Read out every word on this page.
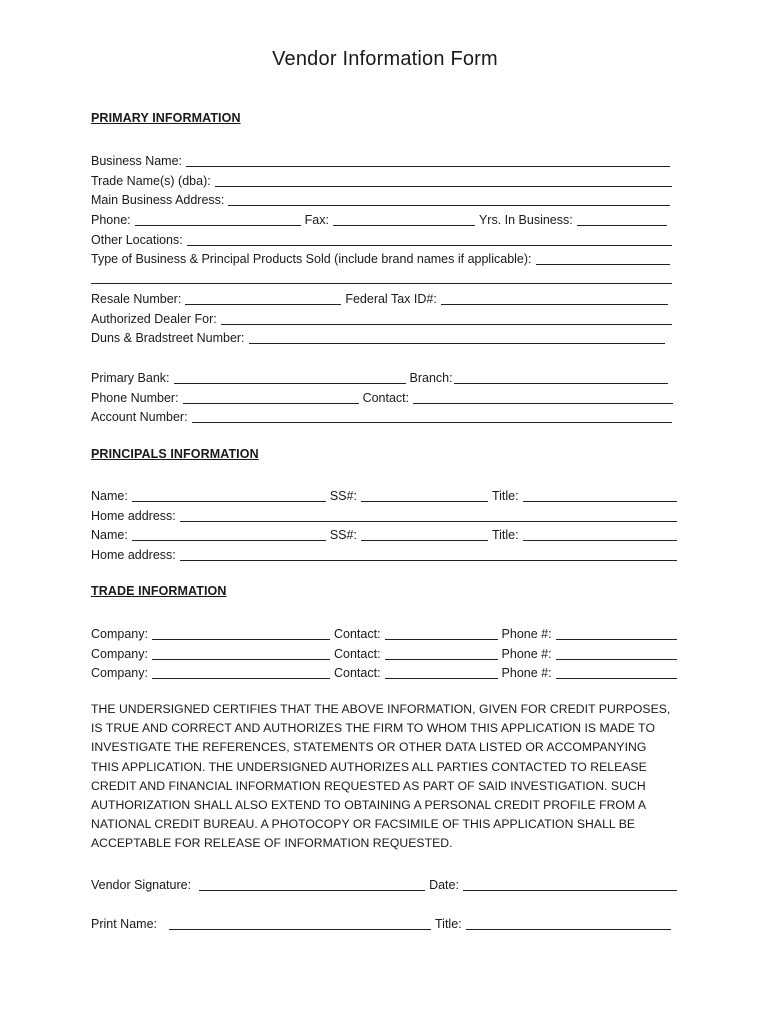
Vendor Information Form
PRIMARY INFORMATION
Business Name:
Trade Name(s) (dba):
Main Business Address:
Phone:	Fax:	Yrs. In Business:
Other Locations:
Type of Business & Principal Products Sold (include brand names if applicable):
Resale Number:	Federal Tax ID#:
Authorized Dealer For:
Duns & Bradstreet Number:
Primary Bank:	Branch:
Phone Number:	Contact:
Account Number:
PRINCIPALS INFORMATION
Name:	SS#:	Title:
Home address:
Name:	SS#:	Title:
Home address:
TRADE INFORMATION
Company:	Contact:	Phone #:
Company:	Contact:	Phone #:
Company:	Contact:	Phone #:
THE UNDERSIGNED CERTIFIES THAT THE ABOVE INFORMATION, GIVEN FOR CREDIT PURPOSES,
IS TRUE AND CORRECT AND AUTHORIZES THE FIRM TO WHOM THIS APPLICATION IS MADE TO
INVESTIGATE THE REFERENCES, STATEMENTS OR OTHER DATA LISTED OR ACCOMPANYING
THIS APPLICATION. THE UNDERSIGNED AUTHORIZES ALL PARTIES CONTACTED TO RELEASE
CREDIT AND FINANCIAL INFORMATION REQUESTED AS PART OF SAID INVESTIGATION. SUCH
AUTHORIZATION SHALL ALSO EXTEND TO OBTAINING A PERSONAL CREDIT PROFILE FROM A
NATIONAL CREDIT BUREAU. A PHOTOCOPY OR FACSIMILE OF THIS APPLICATION SHALL BE
ACCEPTABLE FOR RELEASE OF INFORMATION REQUESTED.
Vendor Signature:	Date:
Print Name:	Title:
